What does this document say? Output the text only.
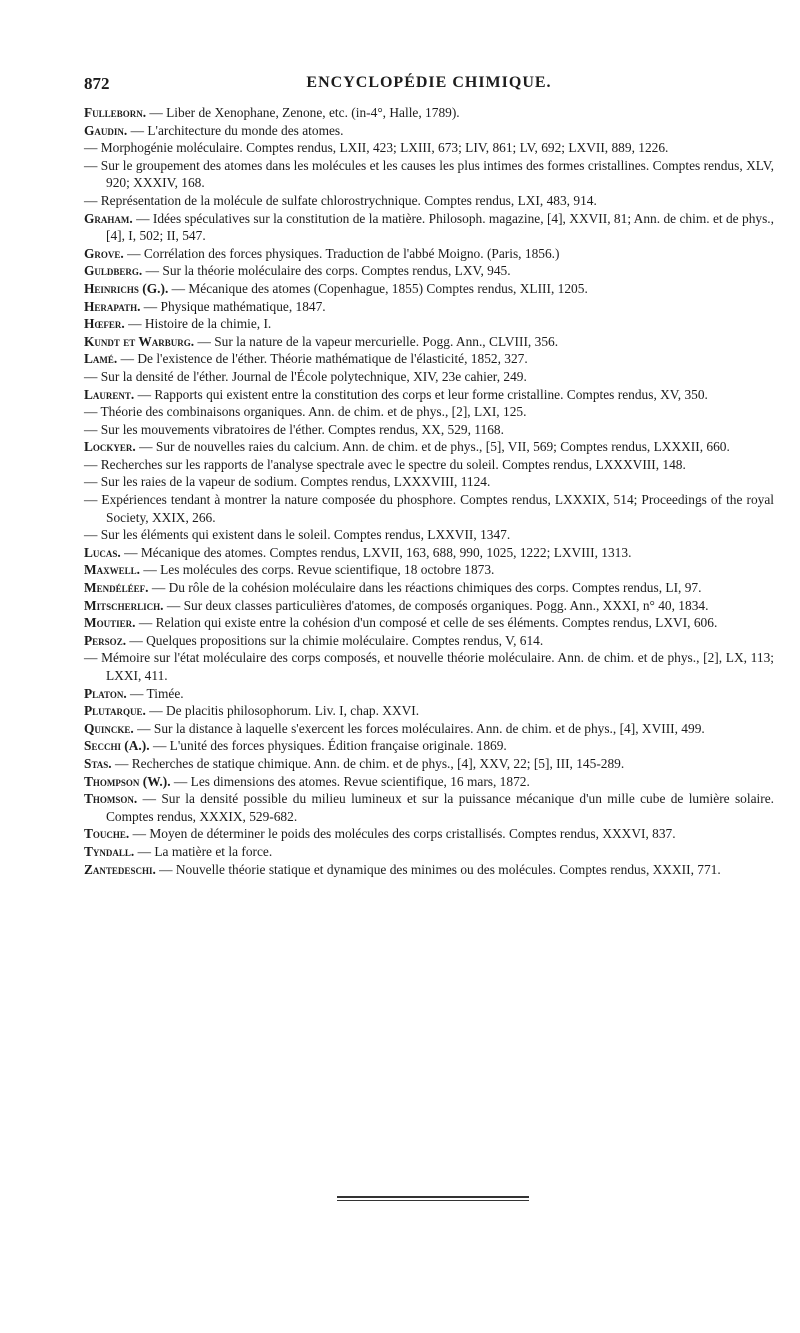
872	ENCYCLOPÉDIE CHIMIQUE.

Fulleborn. — Liber de Xenophane, Zenone, etc. (in-4°, Halle, 1789).

Gaudin. — L'architecture du monde des atomes.

— Morphogénie moléculaire. Comptes rendus, LXII, 423; LXIII, 673; LIV, 861; LV, 692; LXVII, 889, 1226.

— Sur le groupement des atomes dans les molécules et les causes les plus intimes des formes cristallines. Comptes rendus, XLV, 920; XXXIV, 168.

— Représentation de la molécule de sulfate chlorostrychnique. Comptes rendus, LXI, 483, 914.

Graham. — Idées spéculatives sur la constitution de la matière. Philosoph. magazine, [4], XXVII, 81; Ann. de chim. et de phys., [4], I, 502; II, 547.

Grove. — Corrélation des forces physiques. Traduction de l'abbé Moigno. (Paris, 1856.)

Guldberg. — Sur la théorie moléculaire des corps. Comptes rendus, LXV, 945.

Heinrichs (G.). — Mécanique des atomes (Copenhague, 1855) Comptes rendus, XLIII, 1205.

Herapath. — Physique mathématique, 1847.

Hœfer. — Histoire de la chimie, I.

Kundt et Warburg. — Sur la nature de la vapeur mercurielle. Pogg. Ann., CLVIII, 356.

Lamé. — De l'existence de l'éther. Théorie mathématique de l'élasticité, 1852, 327.

— Sur la densité de l'éther. Journal de l'École polytechnique, XIV, 23e cahier, 249.

Laurent. — Rapports qui existent entre la constitution des corps et leur forme cristalline. Comptes rendus, XV, 350.

— Théorie des combinaisons organiques. Ann. de chim. et de phys., [2], LXI, 125.

— Sur les mouvements vibratoires de l'éther. Comptes rendus, XX, 529, 1168.

Lockyer. — Sur de nouvelles raies du calcium. Ann. de chim. et de phys., [5], VII, 569; Comptes rendus, LXXXII, 660.

— Recherches sur les rapports de l'analyse spectrale avec le spectre du soleil. Comptes rendus, LXXXVIII, 148.

— Sur les raies de la vapeur de sodium. Comptes rendus, LXXXVIII, 1124.

— Expériences tendant à montrer la nature composée du phosphore. Comptes rendus, LXXXIX, 514; Proceedings of the royal Society, XXIX, 266.

— Sur les éléments qui existent dans le soleil. Comptes rendus, LXXVII, 1347.

Lucas. — Mécanique des atomes. Comptes rendus, LXVII, 163, 688, 990, 1025, 1222; LXVIII, 1313.

Maxwell. — Les molécules des corps. Revue scientifique, 18 octobre 1873.

Mendéléef. — Du rôle de la cohésion moléculaire dans les réactions chimiques des corps. Comptes rendus, LI, 97.

Mitscherlich. — Sur deux classes particulières d'atomes, de composés organiques. Pogg. Ann., XXXI, n° 40, 1834.

Moutier. — Relation qui existe entre la cohésion d'un composé et celle de ses éléments. Comptes rendus, LXVI, 606.

Persoz. — Quelques propositions sur la chimie moléculaire. Comptes rendus, V, 614.

— Mémoire sur l'état moléculaire des corps composés, et nouvelle théorie moléculaire. Ann. de chim. et de phys., [2], LX, 113; LXXI, 411.

Platon. — Timée.

Plutarque. — De placitis philosophorum. Liv. I, chap. XXVI.

Quincke. — Sur la distance à laquelle s'exercent les forces moléculaires. Ann. de chim. et de phys., [4], XVIII, 499.

Secchi (A.). — L'unité des forces physiques. Édition française originale. 1869.

Stas. — Recherches de statique chimique. Ann. de chim. et de phys., [4], XXV, 22; [5], III, 145-289.

Thompson (W.). — Les dimensions des atomes. Revue scientifique, 16 mars, 1872.

Thomson. — Sur la densité possible du milieu lumineux et sur la puissance mécanique d'un mille cube de lumière solaire. Comptes rendus, XXXIX, 529-682.

Touche. — Moyen de déterminer le poids des molécules des corps cristallisés. Comptes rendus, XXXVI, 837.

Tyndall. — La matière et la force.

Zantedeschi. — Nouvelle théorie statique et dynamique des minimes ou des molécules. Comptes rendus, XXXII, 771.
